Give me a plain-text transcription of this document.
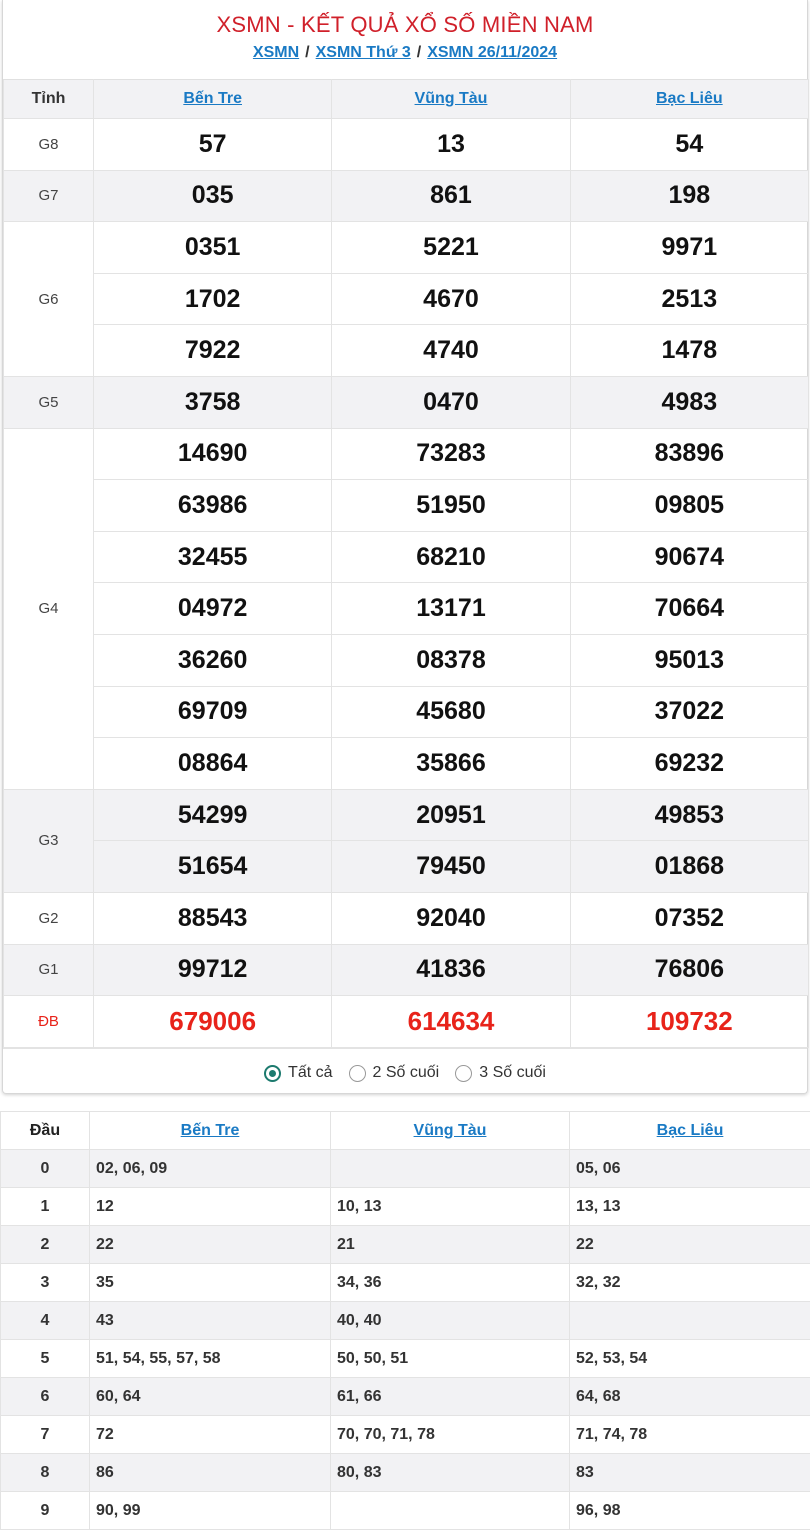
XSMN - KẾT QUẢ XỔ SỐ MIỀN NAM
XSMN / XSMN Thứ 3 / XSMN 26/11/2024
Tỉnh	Bến Tre	Vũng Tàu	Bạc Liêu
G8	57	13	54
G7	035	861	198
G6	0351	5221	9971
	1702	4670	2513
	7922	4740	1478
G5	3758	0470	4983
G4	14690	73283	83896
	63986	51950	09805
	32455	68210	90674
	04972	13171	70664
	36260	08378	95013
	69709	45680	37022
	08864	35866	69232
G3	54299	20951	49853
	51654	79450	01868
G2	88543	92040	07352
G1	99712	41836	76806
ĐB	679006	614634	109732
Tất cả	2 Số cuối	3 Số cuối
Đầu	Bến Tre	Vũng Tàu	Bạc Liêu
0	02, 06, 09		05, 06
1	12	10, 13	13, 13
2	22	21	22
3	35	34, 36	32, 32
4	43	40, 40	
5	51, 54, 55, 57, 58	50, 50, 51	52, 53, 54
6	60, 64	61, 66	64, 68
7	72	70, 70, 71, 78	71, 74, 78
8	86	80, 83	83
9	90, 99		96, 98
